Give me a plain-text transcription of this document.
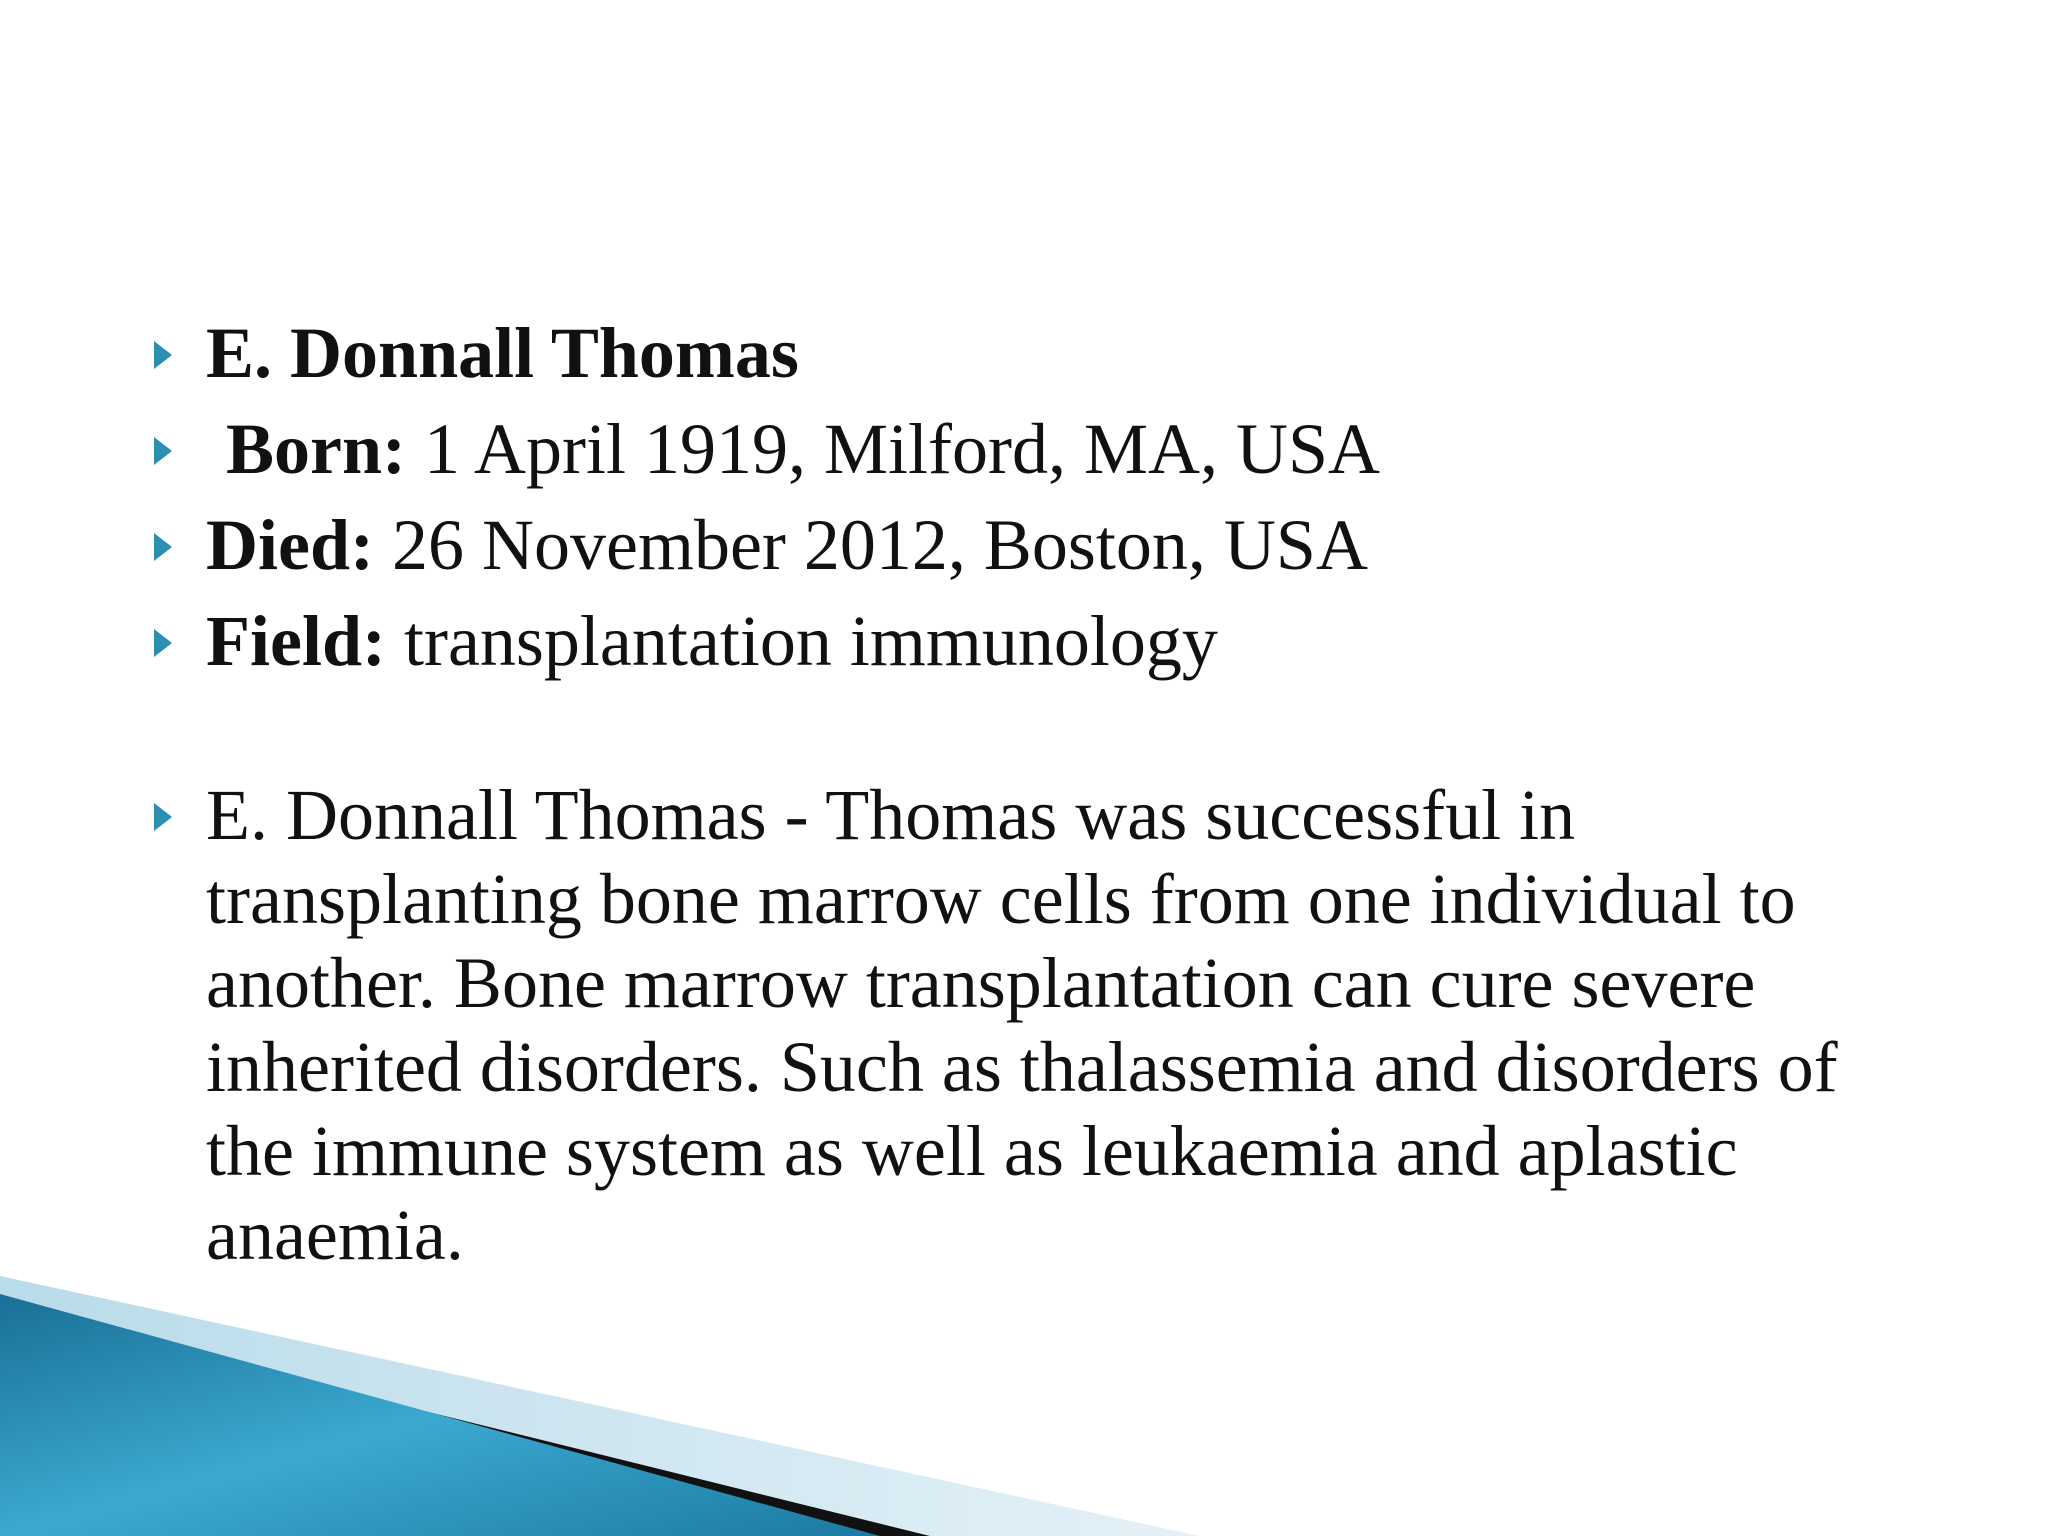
E. Donnall Thomas
Born: 1 April 1919, Milford, MA, USA
Died: 26 November 2012, Boston, USA
Field: transplantation immunology
E. Donnall Thomas - Thomas was successful in transplanting bone marrow cells from one individual to another. Bone marrow transplantation can cure severe inherited disorders. Such as thalassemia and disorders of the immune system as well as leukaemia and aplastic anaemia.
